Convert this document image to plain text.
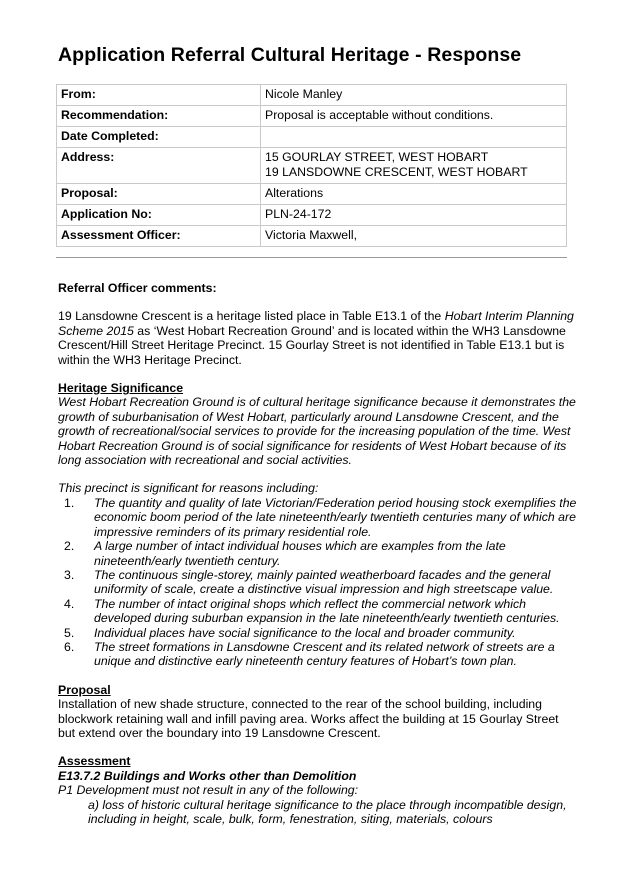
Application Referral Cultural Heritage - Response
From:	Nicole Manley
Recommendation:	Proposal is acceptable without conditions.
Date Completed:	
Address:	15 GOURLAY STREET, WEST HOBART
19 LANSDOWNE CRESCENT, WEST HOBART

Proposal:	Alterations
Application No:	PLN-24-172
Assessment Officer:	Victoria Maxwell,

Referral Officer comments:

19 Lansdowne Crescent is a heritage listed place in Table E13.1 of the Hobart Interim Planning Scheme 2015 as ‘West Hobart Recreation Ground’ and is located within the WH3 Lansdowne Crescent/Hill Street Heritage Precinct. 15 Gourlay Street is not identified in Table E13.1 but is within the WH3 Heritage Precinct.

Heritage Significance

West Hobart Recreation Ground is of cultural heritage significance because it demonstrates the growth of suburbanisation of West Hobart, particularly around Lansdowne Crescent, and the growth of recreational/social services to provide for the increasing population of the time. West Hobart Recreation Ground is of social significance for residents of West Hobart because of its long association with recreational and social activities.

This precinct is significant for reasons including:

1. The quantity and quality of late Victorian/Federation period housing stock exemplifies the economic boom period of the late nineteenth/early twentieth centuries many of which are impressive reminders of its primary residential role.
2. A large number of intact individual houses which are examples from the late nineteenth/early twentieth century.
3. The continuous single-storey, mainly painted weatherboard facades and the general uniformity of scale, create a distinctive visual impression and high streetscape value.
4. The number of intact original shops which reflect the commercial network which developed during suburban expansion in the late nineteenth/early twentieth centuries.
5. Individual places have social significance to the local and broader community.
6. The street formations in Lansdowne Crescent and its related network of streets are a unique and distinctive early nineteenth century features of Hobart’s town plan.

Proposal

Installation of new shade structure, connected to the rear of the school building, including blockwork retaining wall and infill paving area. Works affect the building at 15 Gourlay Street but extend over the boundary into 19 Lansdowne Crescent.

Assessment

E13.7.2 Buildings and Works other than Demolition

P1 Development must not result in any of the following:

a) loss of historic cultural heritage significance to the place through incompatible design, including in height, scale, bulk, form, fenestration, siting, materials, colours
